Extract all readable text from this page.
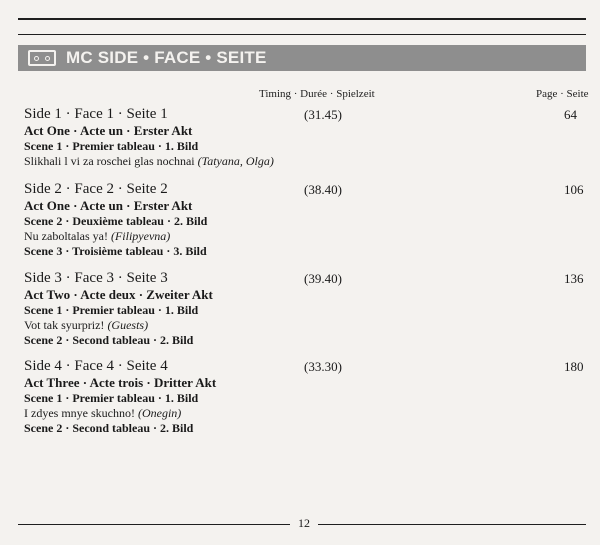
MC SIDE • FACE • SEITE
Timing · Durée · Spielzeit	Page · Seite
Side 1 · Face 1 · Seite 1	(31.45)	64
Act One · Acte un · Erster Akt
Scene 1 · Premier tableau · 1. Bild
Slikhali l vi za roschei glas nochnai (Tatyana, Olga)
Side 2 · Face 2 · Seite 2	(38.40)	106
Act One · Acte un · Erster Akt
Scene 2 · Deuxième tableau · 2. Bild
Nu zaboltalas ya! (Filipyevna)
Scene 3 · Troisième tableau · 3. Bild
Side 3 · Face 3 · Seite 3	(39.40)	136
Act Two · Acte deux · Zweiter Akt
Scene 1 · Premier tableau · 1. Bild
Vot tak syurpriz! (Guests)
Scene 2 · Second tableau · 2. Bild
Side 4 · Face 4 · Seite 4	(33.30)	180
Act Three · Acte trois · Dritter Akt
Scene 1 · Premier tableau · 1. Bild
I zdyes mnye skuchno! (Onegin)
Scene 2 · Second tableau · 2. Bild
12
